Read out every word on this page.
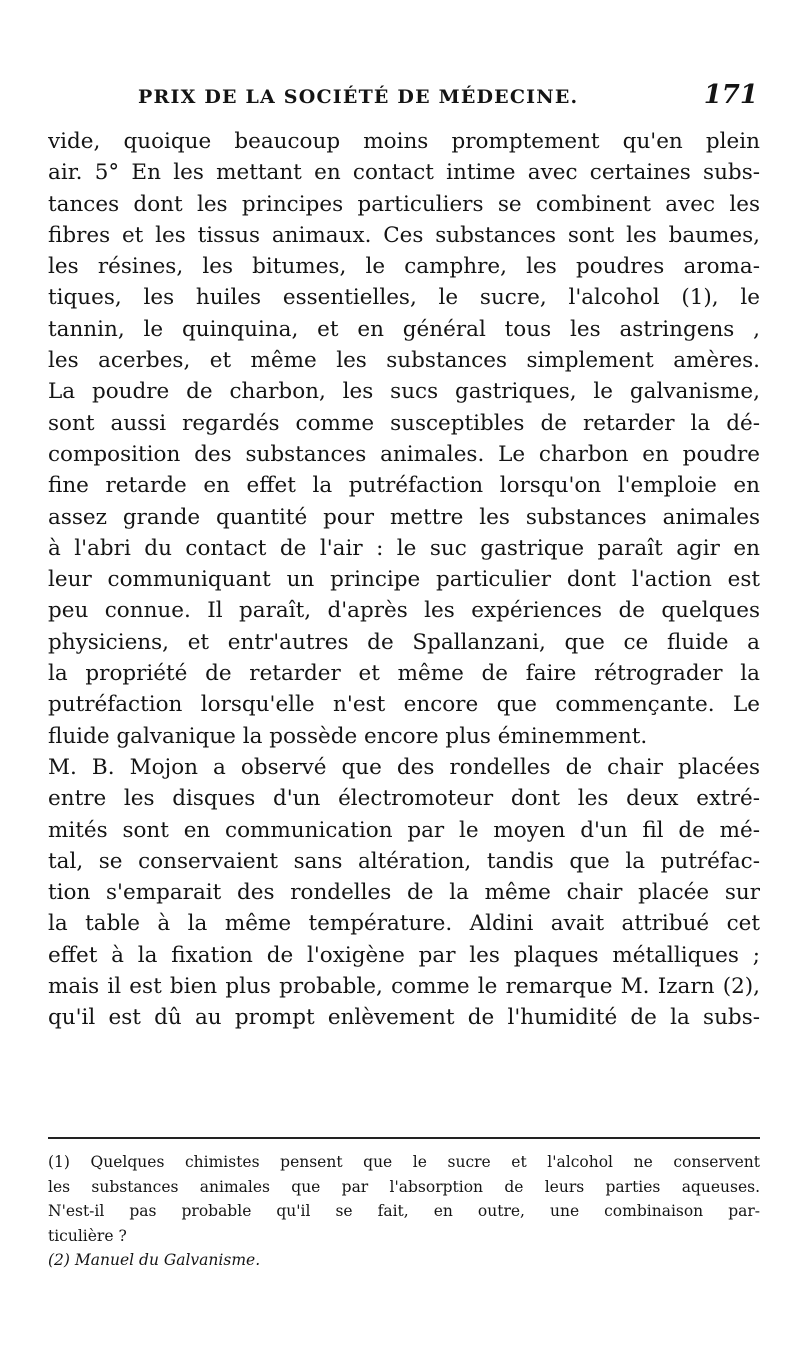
PRIX DE LA SOCIÉTÉ DE MÉDECINE.	171
vide, quoique beaucoup moins promptement qu'en plein
air. 5° En les mettant en contact intime avec certaines subs-
tances dont les principes particuliers se combinent avec les
fibres et les tissus animaux. Ces substances sont les baumes,
les résines, les bitumes, le camphre, les poudres aroma-
tiques, les huiles essentielles, le sucre, l'alcohol (1), le
tannin, le quinquina, et en général tous les astringens ,
les acerbes, et même les substances simplement amères.
La poudre de charbon, les sucs gastriques, le galvanisme,
sont aussi regardés comme susceptibles de retarder la dé-
composition des substances animales. Le charbon en poudre
fine retarde en effet la putréfaction lorsqu'on l'emploie en
assez grande quantité pour mettre les substances animales
à l'abri du contact de l'air : le suc gastrique paraît agir en
leur communiquant un principe particulier dont l'action est
peu connue. Il paraît, d'après les expériences de quelques
physiciens, et entr'autres de Spallanzani, que ce fluide a
la propriété de retarder et même de faire rétrograder la
putréfaction lorsqu'elle n'est encore que commençante. Le
fluide galvanique la possède encore plus éminemment.
M. B. Mojon a observé que des rondelles de chair placées
entre les disques d'un électromoteur dont les deux extré-
mités sont en communication par le moyen d'un fil de mé-
tal, se conservaient sans altération, tandis que la putréfac-
tion s'emparait des rondelles de la même chair placée sur
la table à la même température. Aldini avait attribué cet
effet à la fixation de l'oxigène par les plaques métalliques ;
mais il est bien plus probable, comme le remarque M. Izarn (2),
qu'il est dû au prompt enlèvement de l'humidité de la subs-
(1) Quelques chimistes pensent que le sucre et l'alcohol ne conservent
les substances animales que par l'absorption de leurs parties aqueuses.
N'est-il pas probable qu'il se fait, en outre, une combinaison par-
ticulière ?
(2) Manuel du Galvanisme.
